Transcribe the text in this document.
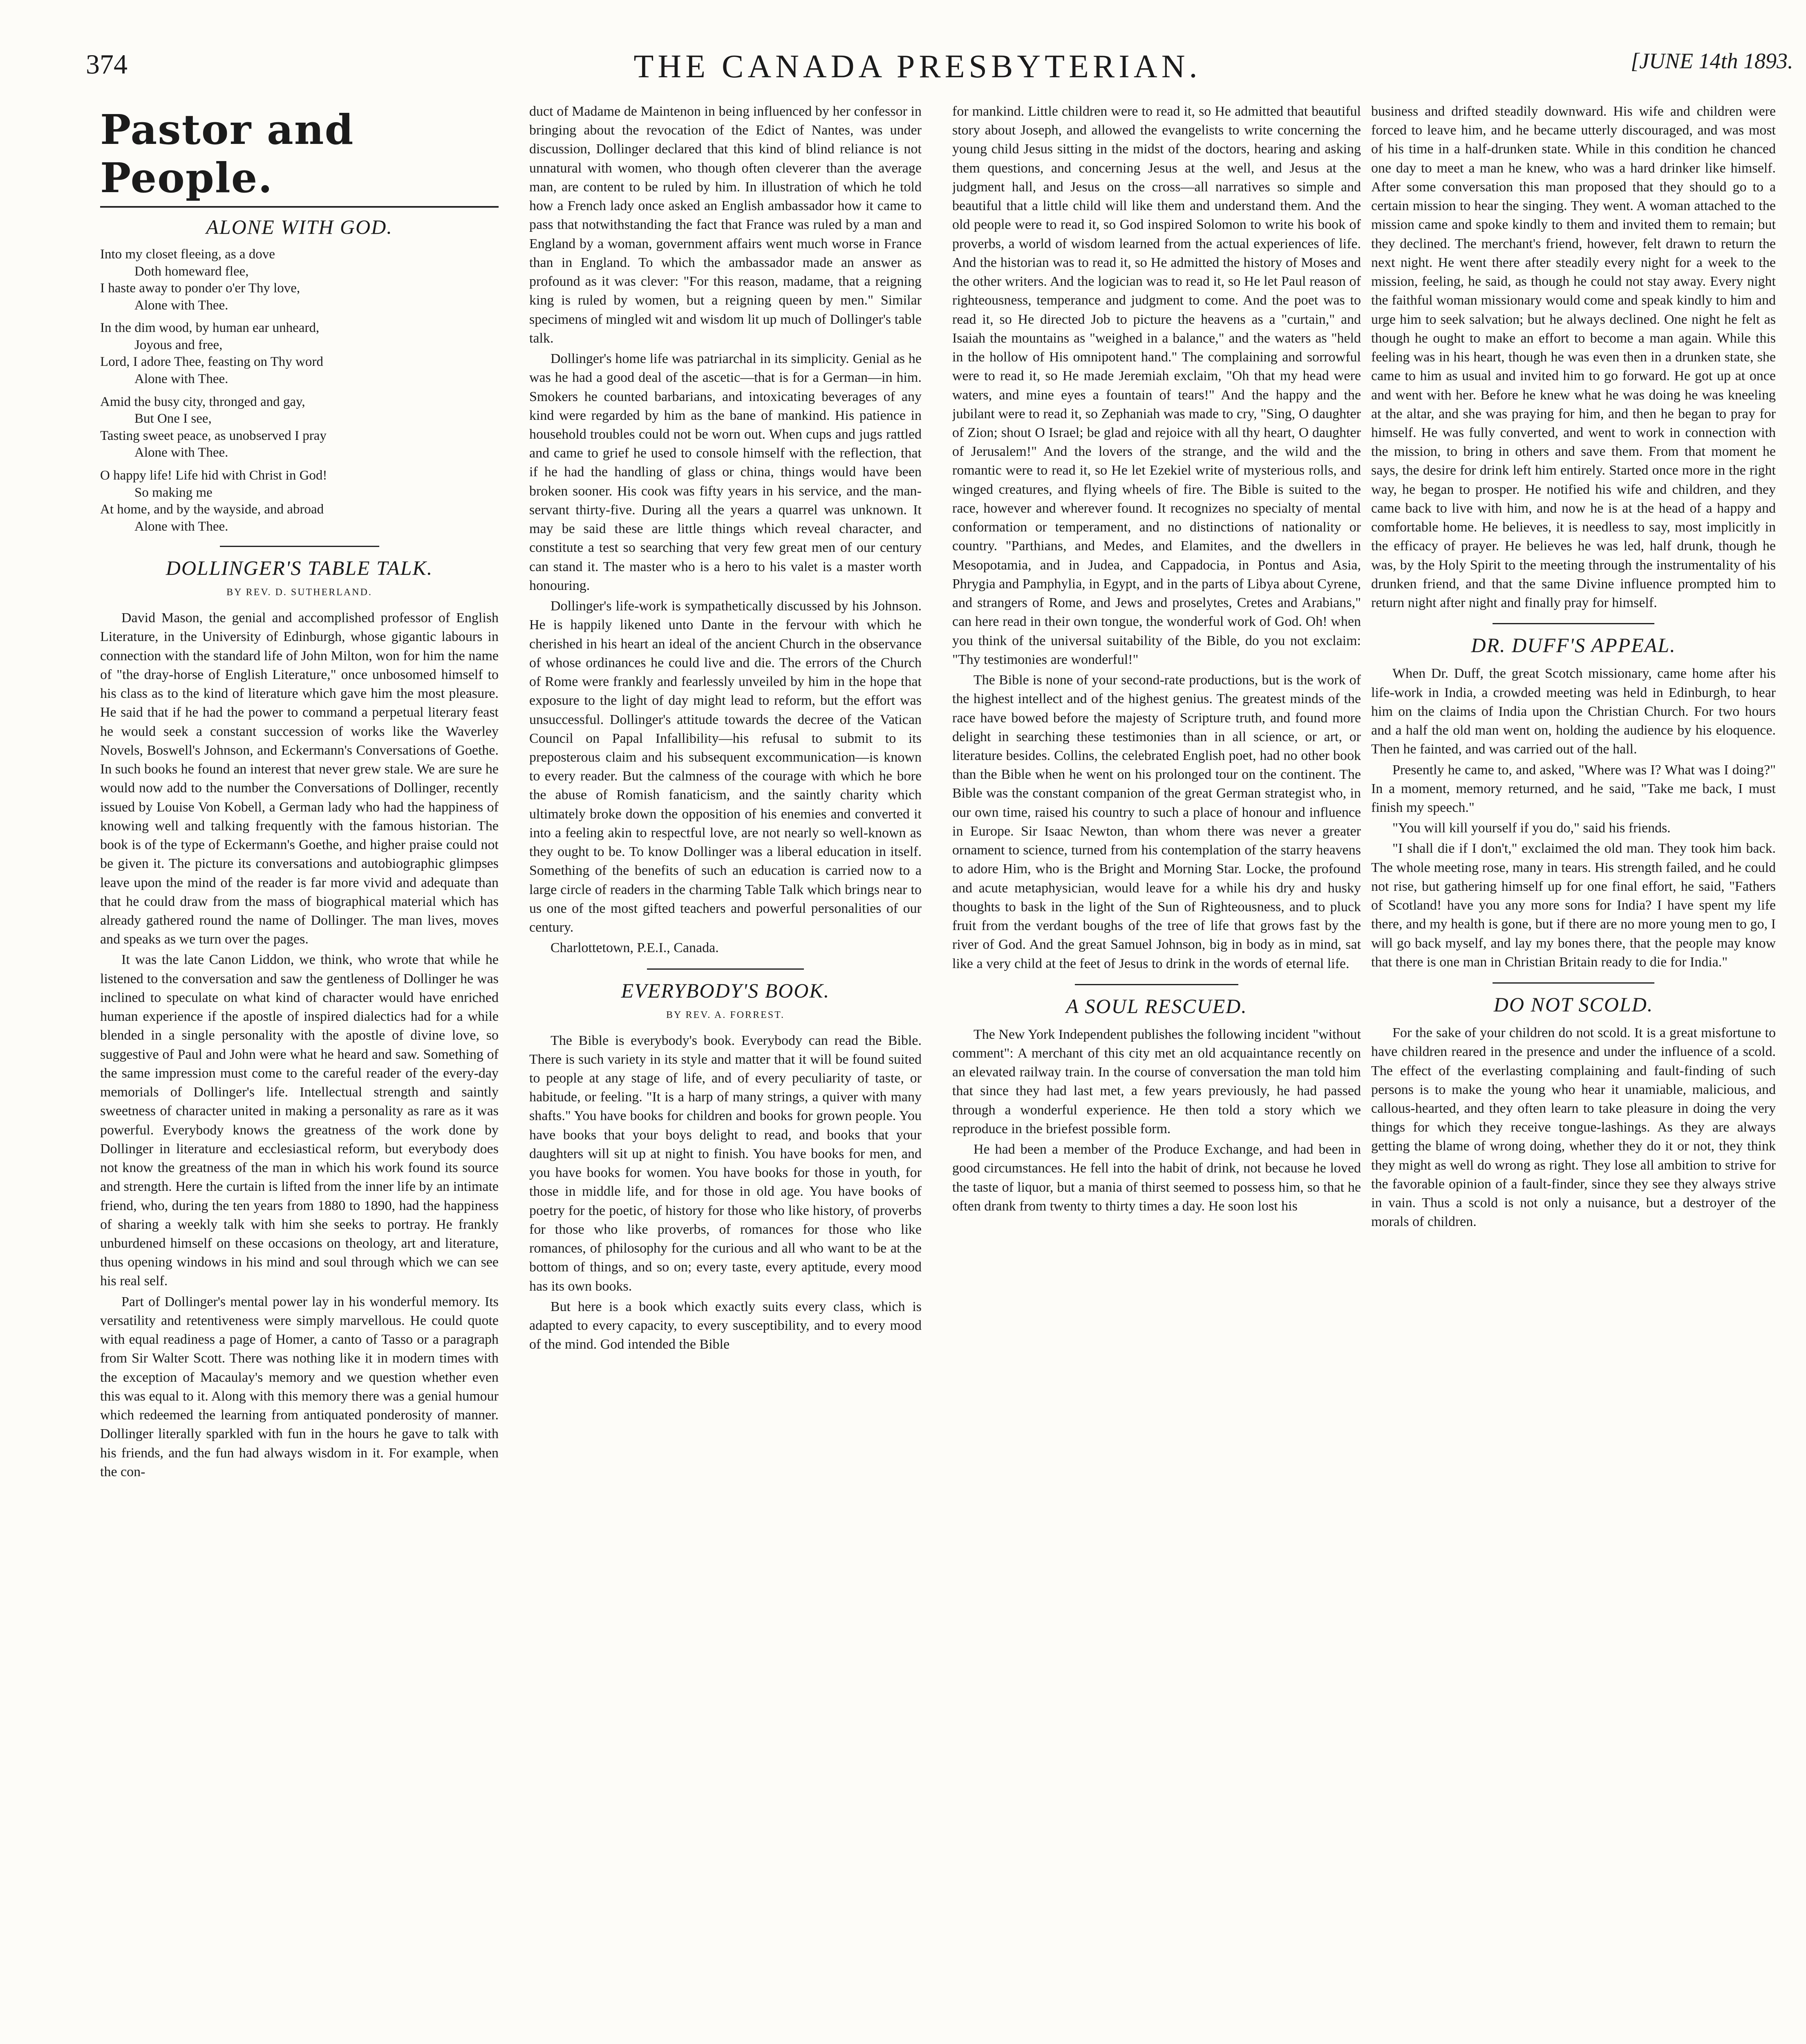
374	THE CANADA PRESBYTERIAN.	[JUNE 14th 1893.
Pastor and People.
ALONE WITH GOD.
Into my closet fleeing, as a dove
Doth homeward flee,
I haste away to ponder o'er Thy love,
Alone with Thee.
In the dim wood, by human ear unheard,
Joyous and free,
Lord, I adore Thee, feasting on Thy word
Alone with Thee.
Amid the busy city, thronged and gay,
But One I see,
Tasting sweet peace, as unobserved I pray
Alone with Thee.
O happy life! Life hid with Christ in God!
So making me
At home, and by the wayside, and abroad
Alone with Thee.
DOLLINGER'S TABLE TALK.
BY REV. D. SUTHERLAND.

David Mason, the genial and accomplished professor of English Literature, in the University of Edinburgh, whose gigantic labours in connection with the standard life of John Milton, won for him the name of "the dray-horse of English Literature," once unbosomed himself to his class as to the kind of literature which gave him the most pleasure. He said that if he had the power to command a perpetual literary feast he would seek a constant succession of works like the Waverley Novels, Boswell's Johnson, and Eckermann's Conversations of Goethe. In such books he found an interest that never grew stale. We are sure he would now add to the number the Conversations of Dollinger, recently issued by Louise Von Kobell, a German lady who had the happiness of knowing well and talking frequently with the famous historian. The book is of the type of Eckermann's Goethe, and higher praise could not be given it. The picture its conversations and autobiographic glimpses leave upon the mind of the reader is far more vivid and adequate than that he could draw from the mass of biographical material which has already gathered round the name of Dollinger. The man lives, moves and speaks as we turn over the pages.

It was the late Canon Liddon, we think, who wrote that while he listened to the conversation and saw the gentleness of Dollinger he was inclined to speculate on what kind of character would have enriched human experience if the apostle of inspired dialectics had for a while blended in a single personality with the apostle of divine love, so suggestive of Paul and John were what he heard and saw. Something of the same impression must come to the careful reader of the every-day memorials of Dollinger's life. Intellectual strength and saintly sweetness of character united in making a personality as rare as it was powerful. Everybody knows the greatness of the work done by Dollinger in literature and ecclesiastical reform, but everybody does not know the greatness of the man in which his work found its source and strength. Here the curtain is lifted from the inner life by an intimate friend, who, during the ten years from 1880 to 1890, had the happiness of sharing a weekly talk with him she seeks to portray. He frankly unburdened himself on these occasions on theology, art and literature, thus opening windows in his mind and soul through which we can see his real self.

Part of Dollinger's mental power lay in his wonderful memory. Its versatility and retentiveness were simply marvellous. He could quote with equal readiness a page of Homer, a canto of Tasso or a paragraph from Sir Walter Scott. There was nothing like it in modern times with the exception of Macaulay's memory and we question whether even this was equal to it. Along with this memory there was a genial humour which redeemed the learning from antiquated ponderosity of manner. Dollinger literally sparkled with fun in the hours he gave to talk with his friends, and the fun had always wisdom in it. For example, when the con-

duct of Madame de Maintenon in being influenced by her confessor in bringing about the revocation of the Edict of Nantes, was under discussion, Dollinger declared that this kind of blind reliance is not unnatural with women, who though often cleverer than the average man, are content to be ruled by him. In illustration of which he told how a French lady once asked an English ambassador how it came to pass that notwithstanding the fact that France was ruled by a man and England by a woman, government affairs went much worse in France than in England. To which the ambassador made an answer as profound as it was clever: "For this reason, madame, that a reigning king is ruled by women, but a reigning queen by men." Similar specimens of mingled wit and wisdom lit up much of Dollinger's table talk.

Dollinger's home life was patriarchal in its simplicity. Genial as he was he had a good deal of the ascetic—that is for a German—in him. Smokers he counted barbarians, and intoxicating beverages of any kind were regarded by him as the bane of mankind. His patience in household troubles could not be worn out. When cups and jugs rattled and came to grief he used to console himself with the reflection, that if he had the handling of glass or china, things would have been broken sooner. His cook was fifty years in his service, and the man-servant thirty-five. During all the years a quarrel was unknown. It may be said these are little things which reveal character, and constitute a test so searching that very few great men of our century can stand it. The master who is a hero to his valet is a master worth honouring.

Dollinger's life-work is sympathetically discussed by his Johnson. He is happily likened unto Dante in the fervour with which he cherished in his heart an ideal of the ancient Church in the observance of whose ordinances he could live and die. The errors of the Church of Rome were frankly and fearlessly unveiled by him in the hope that exposure to the light of day might lead to reform, but the effort was unsuccessful. Dollinger's attitude towards the decree of the Vatican Council on Papal Infallibility—his refusal to submit to its preposterous claim and his subsequent excommunication—is known to every reader. But the calmness of the courage with which he bore the abuse of Romish fanaticism, and the saintly charity which ultimately broke down the opposition of his enemies and converted it into a feeling akin to respectful love, are not nearly so well-known as they ought to be. To know Dollinger was a liberal education in itself. Something of the benefits of such an education is carried now to a large circle of readers in the charming Table Talk which brings near to us one of the most gifted teachers and powerful personalities of our century.

Charlottetown, P.E.I., Canada.

EVERYBODY'S BOOK.
BY REV. A. FORREST.

The Bible is everybody's book. Everybody can read the Bible. There is such variety in its style and matter that it will be found suited to people at any stage of life, and of every peculiarity of taste, or habitude, or feeling. "It is a harp of many strings, a quiver with many shafts." You have books for children and books for grown people. You have books that your boys delight to read, and books that your daughters will sit up at night to finish. You have books for men, and you have books for women. You have books for those in youth, for those in middle life, and for those in old age. You have books of poetry for the poetic, of history for those who like history, of proverbs for those who like proverbs, of romances for those who like romances, of philosophy for the curious and all who want to be at the bottom of things, and so on; every taste, every aptitude, every mood has its own books.

But here is a book which exactly suits every class, which is adapted to every capacity, to every susceptibility, and to every mood of the mind. God intended the Bible

for mankind. Little children were to read it, so He admitted that beautiful story about Joseph, and allowed the evangelists to write concerning the young child Jesus sitting in the midst of the doctors, hearing and asking them questions, and concerning Jesus at the well, and Jesus at the judgment hall, and Jesus on the cross—all narratives so simple and beautiful that a little child will like them and understand them. And the old people were to read it, so God inspired Solomon to write his book of proverbs, a world of wisdom learned from the actual experiences of life. And the historian was to read it, so He admitted the history of Moses and the other writers. And the logician was to read it, so He let Paul reason of righteousness, temperance and judgment to come. And the poet was to read it, so He directed Job to picture the heavens as a "curtain," and Isaiah the mountains as "weighed in a balance," and the waters as "held in the hollow of His omnipotent hand." The complaining and sorrowful were to read it, so He made Jeremiah exclaim, "Oh that my head were waters, and mine eyes a fountain of tears!" And the happy and the jubilant were to read it, so Zephaniah was made to cry, "Sing, O daughter of Zion; shout O Israel; be glad and rejoice with all thy heart, O daughter of Jerusalem!" And the lovers of the strange, and the wild and the romantic were to read it, so He let Ezekiel write of mysterious rolls, and winged creatures, and flying wheels of fire. The Bible is suited to the race, however and wherever found. It recognizes no specialty of mental conformation or temperament, and no distinctions of nationality or country. "Parthians, and Medes, and Elamites, and the dwellers in Mesopotamia, and in Judea, and Cappadocia, in Pontus and Asia, Phrygia and Pamphylia, in Egypt, and in the parts of Libya about Cyrene, and strangers of Rome, and Jews and proselytes, Cretes and Arabians," can here read in their own tongue, the wonderful work of God. Oh! when you think of the universal suitability of the Bible, do you not exclaim: "Thy testimonies are wonderful!"

The Bible is none of your second-rate productions, but is the work of the highest intellect and of the highest genius. The greatest minds of the race have bowed before the majesty of Scripture truth, and found more delight in searching these testimonies than in all science, or art, or literature besides. Collins, the celebrated English poet, had no other book than the Bible when he went on his prolonged tour on the continent. The Bible was the constant companion of the great German strategist who, in our own time, raised his country to such a place of honour and influence in Europe. Sir Isaac Newton, than whom there was never a greater ornament to science, turned from his contemplation of the starry heavens to adore Him, who is the Bright and Morning Star. Locke, the profound and acute metaphysician, would leave for a while his dry and husky thoughts to bask in the light of the Sun of Righteousness, and to pluck fruit from the verdant boughs of the tree of life that grows fast by the river of God. And the great Samuel Johnson, big in body as in mind, sat like a very child at the feet of Jesus to drink in the words of eternal life.

A SOUL RESCUED.

The New York Independent publishes the following incident "without comment": A merchant of this city met an old acquaintance recently on an elevated railway train. In the course of conversation the man told him that since they had last met, a few years previously, he had passed through a wonderful experience. He then told a story which we reproduce in the briefest possible form.

He had been a member of the Produce Exchange, and had been in good circumstances. He fell into the habit of drink, not because he loved the taste of liquor, but a mania of thirst seemed to possess him, so that he often drank from twenty to thirty times a day. He soon lost his

business and drifted steadily downward. His wife and children were forced to leave him, and he became utterly discouraged, and was most of his time in a half-drunken state. While in this condition he chanced one day to meet a man he knew, who was a hard drinker like himself. After some conversation this man proposed that they should go to a certain mission to hear the singing. They went. A woman attached to the mission came and spoke kindly to them and invited them to remain; but they declined. The merchant's friend, however, felt drawn to return the next night. He went there after steadily every night for a week to the mission, feeling, he said, as though he could not stay away. Every night the faithful woman missionary would come and speak kindly to him and urge him to seek salvation; but he always declined. One night he felt as though he ought to make an effort to become a man again. While this feeling was in his heart, though he was even then in a drunken state, she came to him as usual and invited him to go forward. He got up at once and went with her. Before he knew what he was doing he was kneeling at the altar, and she was praying for him, and then he began to pray for himself. He was fully converted, and went to work in connection with the mission, to bring in others and save them. From that moment he says, the desire for drink left him entirely. Started once more in the right way, he began to prosper. He notified his wife and children, and they came back to live with him, and now he is at the head of a happy and comfortable home. He believes, it is needless to say, most implicitly in the efficacy of prayer. He believes he was led, half drunk, though he was, by the Holy Spirit to the meeting through the instrumentality of his drunken friend, and that the same Divine influence prompted him to return night after night and finally pray for himself.

DR. DUFF'S APPEAL.

When Dr. Duff, the great Scotch missionary, came home after his life-work in India, a crowded meeting was held in Edinburgh, to hear him on the claims of India upon the Christian Church. For two hours and a half the old man went on, holding the audience by his eloquence. Then he fainted, and was carried out of the hall.

Presently he came to, and asked, "Where was I? What was I doing?" In a moment, memory returned, and he said, "Take me back, I must finish my speech."

"You will kill yourself if you do," said his friends.

"I shall die if I don't," exclaimed the old man. They took him back. The whole meeting rose, many in tears. His strength failed, and he could not rise, but gathering himself up for one final effort, he said, "Fathers of Scotland! have you any more sons for India? I have spent my life there, and my health is gone, but if there are no more young men to go, I will go back myself, and lay my bones there, that the people may know that there is one man in Christian Britain ready to die for India."

DO NOT SCOLD.

For the sake of your children do not scold. It is a great misfortune to have children reared in the presence and under the influence of a scold. The effect of the everlasting complaining and fault-finding of such persons is to make the young who hear it unamiable, malicious, and callous-hearted, and they often learn to take pleasure in doing the very things for which they receive tongue-lashings. As they are always getting the blame of wrong doing, whether they do it or not, they think they might as well do wrong as right. They lose all ambition to strive for the favorable opinion of a fault-finder, since they see they always strive in vain. Thus a scold is not only a nuisance, but a destroyer of the morals of children.
